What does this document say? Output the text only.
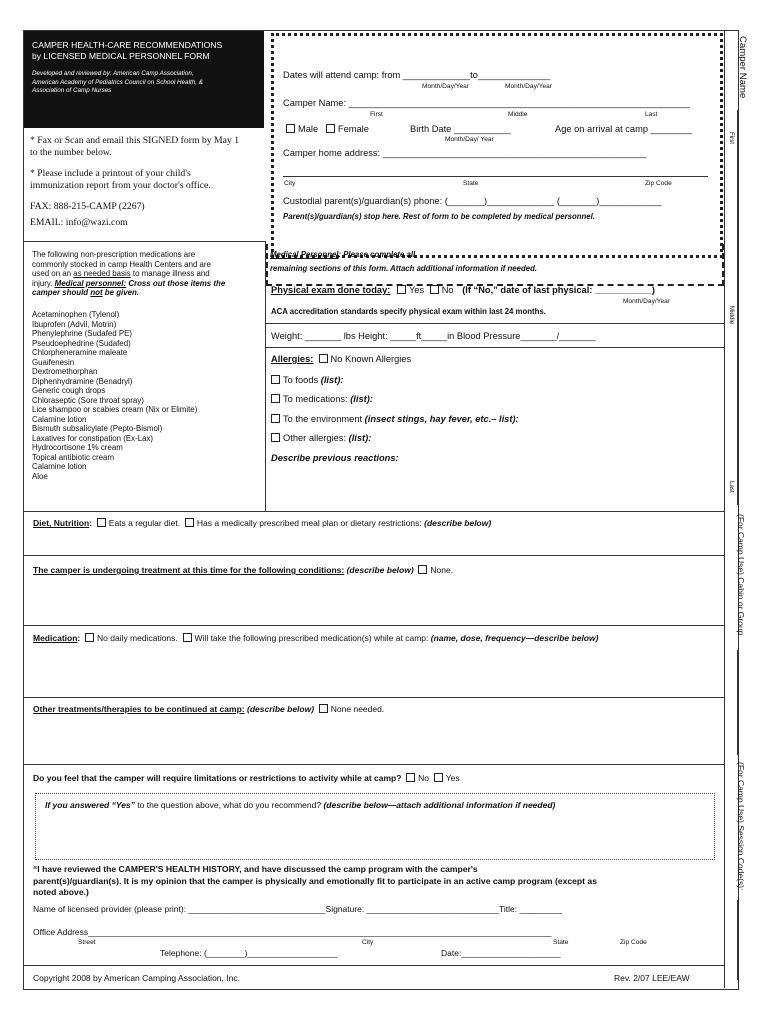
CAMPER HEALTH-CARE RECOMMENDATIONS
by LICENSED MEDICAL PERSONNEL FORM
Developed and reviewed by: American Camp Association,
American Academy of Pediatrics Council on School Health, &
Association of Camp Nurses
* Fax or Scan and email this SIGNED form by May 1
to the number below.
* Please include a printout of your child's
immunization report from your doctor's office.
FAX: 888-215-CAMP (2267)
EMAIL: info@wazi.com
Dates will attend camp: from _____________to______________
Month/Day/Year	Month/Day/Year
Camper Name: __________________________________________________________________
First	Middle	Last
Male Female	Birth Date ___________
Month/Day/ Year
Age on arrival at camp ________
Camper home address: ___________________________________________________
City	State	Zip Code
Custodial parent(s)/guardian(s) phone: (_______)_____________ (_______)____________
Parent(s)/guardian(s) stop here. Rest of form to be completed by medical personnel.
The following non-prescription medications are
commonly stocked in camp Health Centers and are
used on an as needed basis to manage illness and
injury. Medical personnel: Cross out those items the
camper should not be given.
Acetaminophen (Tylenol)
Ibuprofen (Advil, Motrin)
Phenylephrine (Sudafed PE)
Pseudoephedrine (Sudafed)
Chlorpheneramine maleate
Guaifenesin
Dextromethorphan
Diphenhydramine (Benadryl)
Generic cough drops
Chloraseptic (Sore throat spray)
Lice shampoo or scabies cream (Nix or Elimite)
Calamine lotion
Bismuth subsalicylate (Pepto-Bismol)
Laxatives for constipation (Ex-Lax)
Hydrocortisone 1% cream
Topical antibiotic cream
Calamine lotion
Aloe
Medical Personnel: Please complete all
remaining sections of this form. Attach additional information if needed.
Physical exam done today: Yes No (If “No,” date of last physical: ___________)
Month/Day/Year
ACA accreditation standards specify physical exam within last 24 months.
Weight: _______ lbs Height: _____ft_____in Blood Pressure_______/_______
Allergies: No Known Allergies
To foods (list):
To medications: (list):
To the environment (insect stings, hay fever, etc.– list):
Other allergies: (list):
Describe previous reactions:
Diet, Nutrition: Eats a regular diet. Has a medically prescribed meal plan or dietary restrictions: (describe below)
The camper is undergoing treatment at this time for the following conditions: (describe below) None.
Medication: No daily medications. Will take the following prescribed medication(s) while at camp: (name, dose, frequency—describe below)
Other treatments/therapies to be continued at camp: (describe below) None needed.
Do you feel that the camper will require limitations or restrictions to activity while at camp? No Yes
If you answered “Yes” to the question above, what do you recommend? (describe below—attach additional information if needed)
“I have reviewed the CAMPER'S HEALTH HISTORY, and have discussed the camp program with the camper's
parent(s)/guardian(s). It is my opinion that the camper is physically and emotionally fit to participate in an active camp program (except as
noted above.)
Name of licensed provider (please print): _____________________________Signature: ____________________________Title: _________
Office Address__________________________________________________________________________________________________
Street	City	State	Zip Code
Telephone: (________)___________________	Date:_____________________
Copyright 2008 by American Camping Association, Inc.	Rev. 2/07 LEE/EAW
Camper Name
First
Middle
Last
(For Camp Use) Cabin or Group
(For Camp Use) Session Code(s):
